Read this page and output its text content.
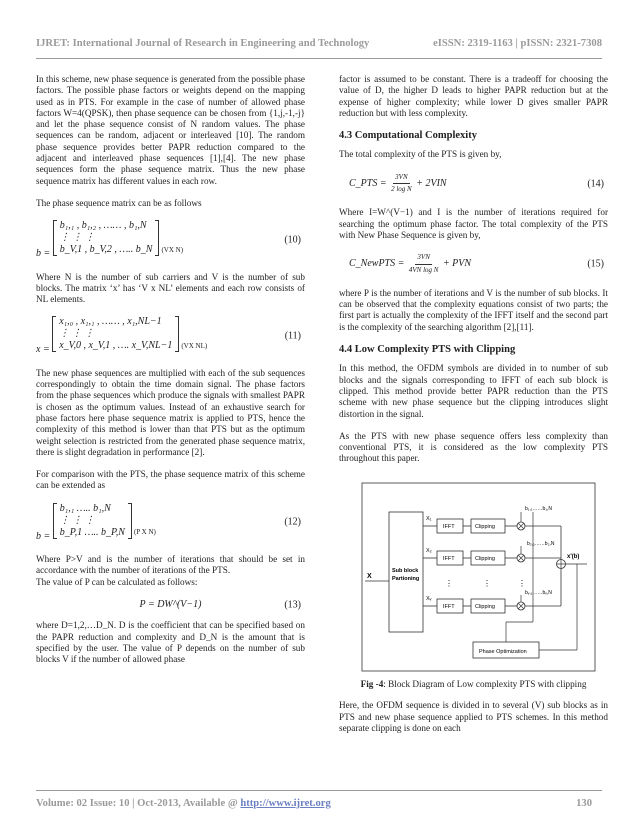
IJRET: International Journal of Research in Engineering and Technology	eISSN: 2319-1163 | pISSN: 2321-7308

In this scheme, new phase sequence is generated from the possible phase factors. The possible phase factors or weights depend on the mapping used as in PTS. For example in the case of number of allowed phase factors W=4(QPSK), then phase sequence can be chosen from {1,j,-1,-j} and let the phase sequence consist of N random values. The phase sequences can be random, adjacent or interleaved [10]. The random phase sequence provides better PAPR reduction compared to the adjacent and interleaved phase sequences [1],[4]. The new phase sequences form the phase sequence matrix. Thus the new phase sequence matrix has different values in each row.

The phase sequence matrix can be as follows

b =
b₁,₁ , b₁,₂ , …… , b₁,N
⋮ ⋮ ⋮
b_V,1 , b_V,2 , ….. b_N (VX N)
(10)

Where N is the number of sub carriers and V is the number of sub blocks. The matrix ‘x’ has ‘V x NL’ elements and each row consists of NL elements.

x =
x₁,₀ , x₁,₁ , …… , x₁,NL−1
⋮ ⋮ ⋮
x_V,0 , x_V,1 , …. x_V,NL−1 (VX NL)
(11)

The new phase sequences are multiplied with each of the sub sequences correspondingly to obtain the time domain signal. The phase factors from the phase sequences which produce the signals with smallest PAPR is chosen as the optimum values. Instead of an exhaustive search for phase factors here phase sequence matrix is applied to PTS, hence the complexity of this method is lower than that PTS but as the optimum weight selection is restricted from the generated phase sequence matrix, there is slight degradation in performance [2].

For comparison with the PTS, the phase sequence matrix of this scheme can be extended as

b =
b₁,₁ ….. b₁,N
⋮ ⋮ ⋮
b_P,1 ….. b_P,N (P X N)
(12)

Where P>V and is the number of iterations that should be set in accordance with the number of iterations of the PTS.

The value of P can be calculated as follows:

P = DW^(V−1)	(13)

where D=1,2,…D_N. D is the coefficient that can be specified based on the PAPR reduction and complexity and D_N is the amount that is specified by the user. The value of P depends on the number of sub blocks V if the number of allowed phase

factor is assumed to be constant. There is a tradeoff for choosing the value of D, the higher D leads to higher PAPR reduction but at the expense of higher complexity; while lower D gives smaller PAPR reduction but with less complexity.

4.3 Computational Complexity

The total complexity of the PTS is given by,

C_PTS = $\frac{3VN}{\text{2 log N}} + 2VIN$	(14)

Where I=W^(V−1) and I is the number of iterations required for searching the optimum phase factor. The total complexity of the PTS with New Phase Sequence is given by,

C_NewPTS = $\frac{3VN}{\text{4VN log N}}$ + PVN	(15)

where P is the number of iterations and V is the number of sub blocks. It can be observed that the complexity equations consist of two parts; the first part is actually the complexity of the IFFT itself and the second part is the complexity of the searching algorithm [2],[11].

4.4 Low Complexity PTS with Clipping

In this method, the OFDM symbols are divided in to number of sub blocks and the signals corresponding to IFFT of each sub block is clipped. This method provide better PAPR reduction than the PTS scheme with new phase sequence but the clipping introduces slight distortion in the signal.

As the PTS with new phase sequence offers less complexity than conventional PTS, it is considered as the low complexity PTS throughout this paper.

X
Sub block
Partioning
X₁
IFFT	Clipping
b₁,₁……b₁,N
X₂
IFFT	Clipping
b₂,₁……b₂,N
⋮	⋮	⋮
Xᵥ
IFFT	Clipping
bᵥ,₁……bᵥ,N
x'(b)
Phase Optimization
Fig -4: Block Diagram of Low complexity PTS with clipping

Here, the OFDM sequence is divided in to several (V) sub blocks as in PTS and new phase sequence applied to PTS schemes. In this method separate clipping is done on each

Volume: 02 Issue: 10 | Oct-2013, Available @ http://www.ijret.org	130
